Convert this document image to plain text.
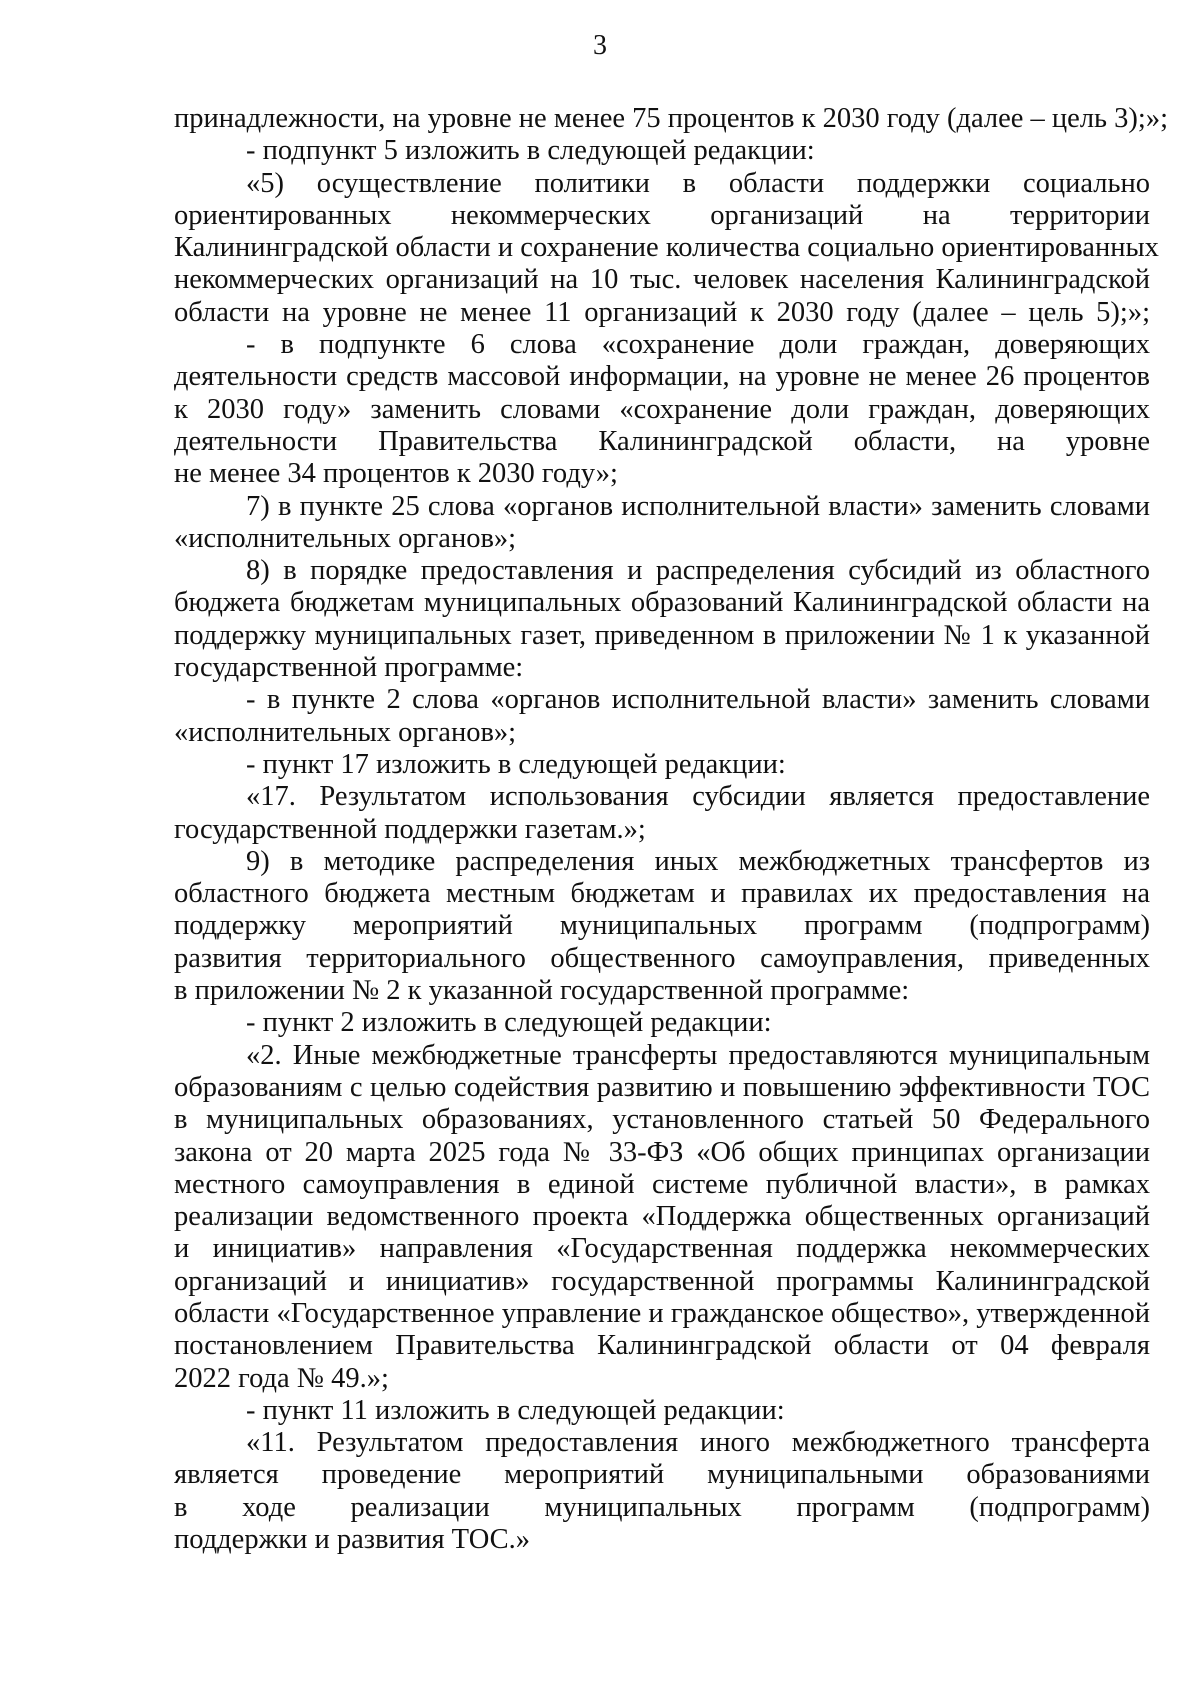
3
принадлежности, на уровне не менее 75 процентов к 2030 году (далее – цель 3);»;
- подпункт 5 изложить в следующей редакции:
«5) осуществление политики в области поддержки социально
ориентированных некоммерческих организаций на территории
Калининградской области и сохранение количества социально ориентированных
некоммерческих организаций на 10 тыс. человек населения Калининградской
области на уровне не менее 11 организаций к 2030 году (далее – цель 5);»;
- в подпункте 6 слова «сохранение доли граждан, доверяющих
деятельности средств массовой информации, на уровне не менее 26 процентов
к 2030 году» заменить словами «сохранение доли граждан, доверяющих
деятельности Правительства Калининградской области, на уровне
не менее 34 процентов к 2030 году»;
7) в пункте 25 слова «органов исполнительной власти» заменить словами
«исполнительных органов»;
8) в порядке предоставления и распределения субсидий из областного
бюджета бюджетам муниципальных образований Калининградской области на
поддержку муниципальных газет, приведенном в приложении № 1 к указанной
государственной программе:
- в пункте 2 слова «органов исполнительной власти» заменить словами
«исполнительных органов»;
- пункт 17 изложить в следующей редакции:
«17. Результатом использования субсидии является предоставление
государственной поддержки газетам.»;
9) в методике распределения иных межбюджетных трансфертов из
областного бюджета местным бюджетам и правилах их предоставления на
поддержку мероприятий муниципальных программ (подпрограмм)
развития территориального общественного самоуправления, приведенных
в приложении № 2 к указанной государственной программе:
- пункт 2 изложить в следующей редакции:
«2. Иные межбюджетные трансферты предоставляются муниципальным
образованиям с целью содействия развитию и повышению эффективности ТОС
в муниципальных образованиях, установленного статьей 50 Федерального
закона от 20 марта 2025 года № 33-ФЗ «Об общих принципах организации
местного самоуправления в единой системе публичной власти», в рамках
реализации ведомственного проекта «Поддержка общественных организаций
и инициатив» направления «Государственная поддержка некоммерческих
организаций и инициатив» государственной программы Калининградской
области «Государственное управление и гражданское общество», утвержденной
постановлением Правительства Калининградской области от 04 февраля
2022 года № 49.»;
- пункт 11 изложить в следующей редакции:
«11. Результатом предоставления иного межбюджетного трансферта
является проведение мероприятий муниципальными образованиями
в ходе реализации муниципальных программ (подпрограмм)
поддержки и развития ТОС.»
